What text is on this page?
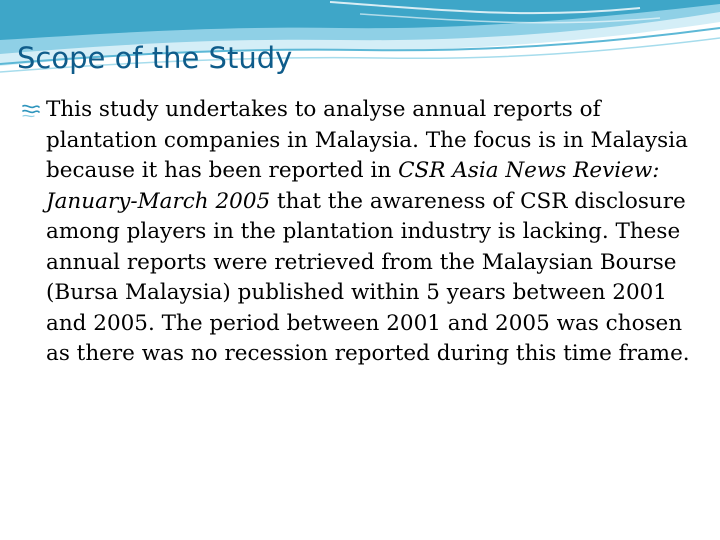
Scope of the Study
This study undertakes to analyse annual reports of plantation companies in Malaysia. The focus is in Malaysia because it has been reported in CSR Asia News Review: January-March 2005 that the awareness of CSR disclosure among players in the plantation industry is lacking. These annual reports were retrieved from the Malaysian Bourse (Bursa Malaysia) published within 5 years between 2001 and 2005. The period between 2001 and 2005 was chosen as there was no recession reported during this time frame.
